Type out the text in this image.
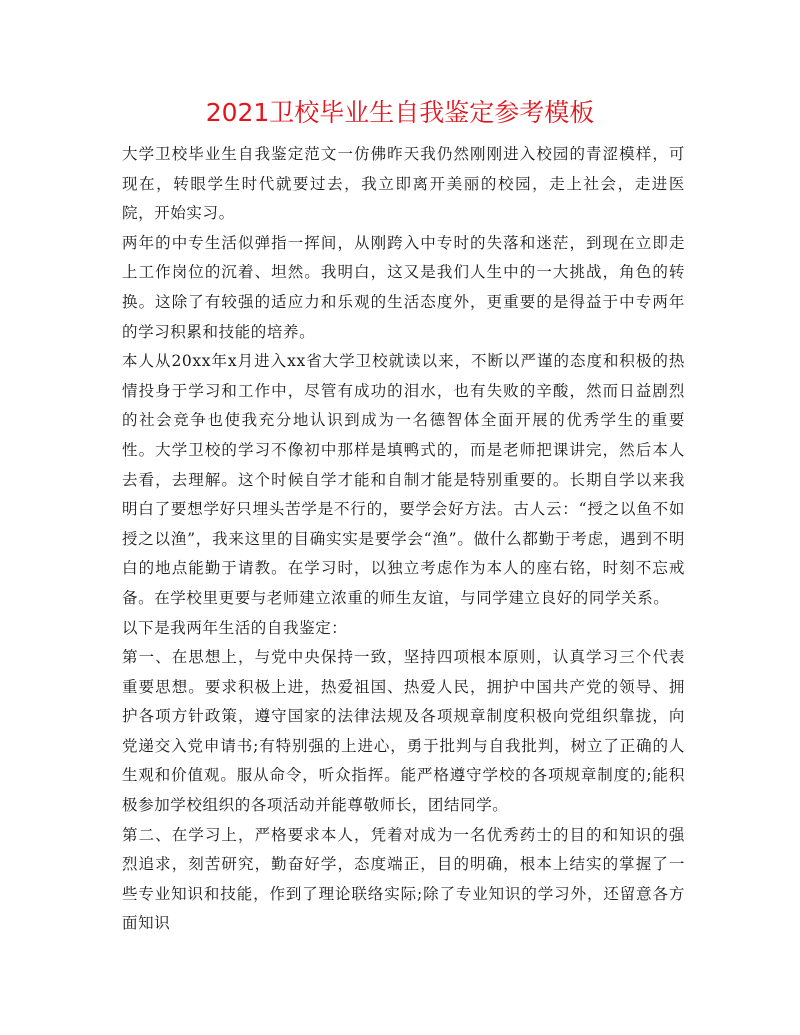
2021卫校毕业生自我鉴定参考模板

大学卫校毕业生自我鉴定范文一仿佛昨天我仍然刚刚进入校园的青涩模样，可现在，转眼学生时代就要过去，我立即离开美丽的校园，走上社会，走进医院，开始实习。

两年的中专生活似弹指一挥间，从刚跨入中专时的失落和迷茫，到现在立即走上工作岗位的沉着、坦然。我明白，这又是我们人生中的一大挑战，角色的转换。这除了有较强的适应力和乐观的生活态度外，更重要的是得益于中专两年的学习积累和技能的培养。

本人从20xx年x月进入xx省大学卫校就读以来，不断以严谨的态度和积极的热情投身于学习和工作中，尽管有成功的泪水，也有失败的辛酸，然而日益剧烈的社会竞争也使我充分地认识到成为一名德智体全面开展的优秀学生的重要性。大学卫校的学习不像初中那样是填鸭式的，而是老师把课讲完，然后本人去看，去理解。这个时候自学才能和自制才能是特别重要的。长期自学以来我明白了要想学好只埋头苦学是不行的，要学会好方法。古人云：“授之以鱼不如授之以渔”，我来这里的目确实实是要学会“渔”。做什么都勤于考虑，遇到不明白的地点能勤于请教。在学习时，以独立考虑作为本人的座右铭，时刻不忘戒备。在学校里更要与老师建立浓重的师生友谊，与同学建立良好的同学关系。

以下是我两年生活的自我鉴定：

第一、在思想上，与党中央保持一致，坚持四项根本原则，认真学习三个代表重要思想。要求积极上进，热爱祖国、热爱人民，拥护中国共产党的领导、拥护各项方针政策，遵守国家的法律法规及各项规章制度积极向党组织靠拢，向党递交入党申请书;有特别强的上进心，勇于批判与自我批判，树立了正确的人生观和价值观。服从命令，听众指挥。能严格遵守学校的各项规章制度的;能积极参加学校组织的各项活动并能尊敬师长，团结同学。

第二、在学习上，严格要求本人，凭着对成为一名优秀药士的目的和知识的强烈追求，刻苦研究，勤奋好学，态度端正，目的明确，根本上结实的掌握了一些专业知识和技能，作到了理论联络实际;除了专业知识的学习外，还留意各方面知识
